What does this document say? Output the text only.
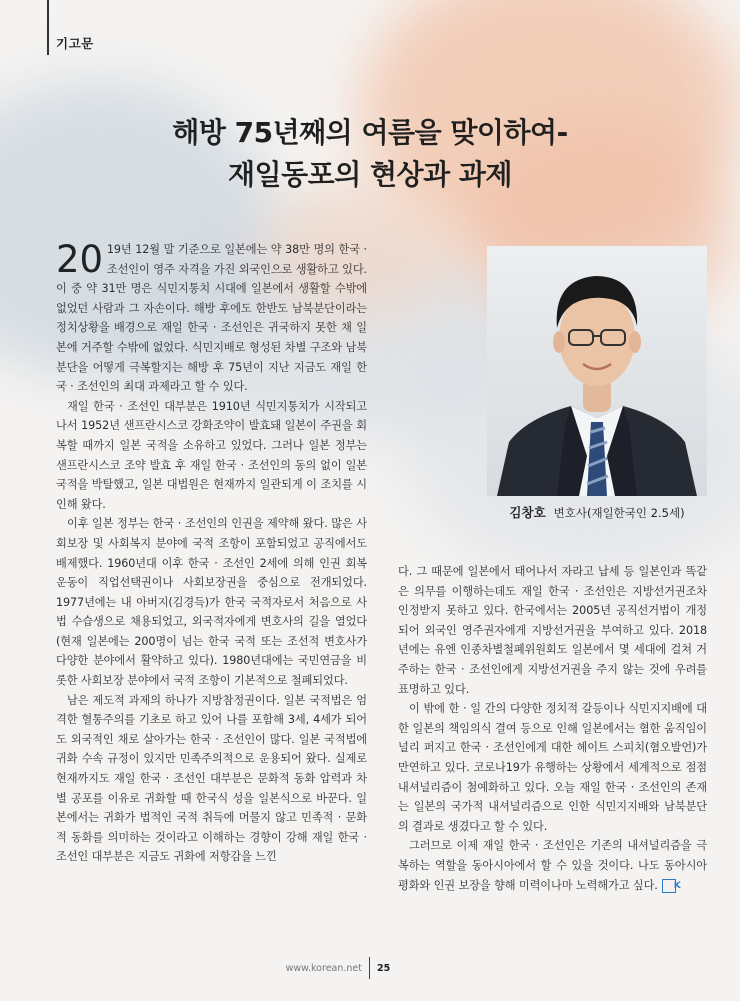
기고문
해방 75년째의 여름을 맞이하여-
재일동포의 현상과 과제

20 19년 12월 말 기준으로 일본에는 약 38만 명의 한국 · 조선인이 영주 자격을 가진 외국인으로 생활하고 있다. 이 중 약 31만 명은 식민지통치 시대에 일본에서 생활할 수밖에 없었던 사람과 그 자손이다. 해방 후에도 한반도 남북분단이라는 정치상황을 배경으로 재일 한국 · 조선인은 귀국하지 못한 채 일본에 거주할 수밖에 없었다. 식민지배로 형성된 차별 구조와 남북분단을 어떻게 극복할지는 해방 후 75년이 지난 지금도 재일 한국 · 조선인의 최대 과제라고 할 수 있다.

재일 한국 · 조선인 대부분은 1910년 식민지통치가 시작되고 나서 1952년 샌프란시스코 강화조약이 발효돼 일본이 주권을 회복할 때까지 일본 국적을 소유하고 있었다. 그러나 일본 정부는 샌프란시스코 조약 발효 후 재일 한국 · 조선인의 동의 없이 일본 국적을 박탈했고, 일본 대법원은 현재까지 일관되게 이 조치를 시인해 왔다.

이후 일본 정부는 한국 · 조선인의 인권을 제약해 왔다. 많은 사회보장 및 사회복지 분야에 국적 조항이 포함되었고 공직에서도 배제했다. 1960년대 이후 한국 · 조선인 2세에 의해 인권 회복 운동이 직업선택권이나 사회보장권을 중심으로 전개되었다. 1977년에는 내 아버지(김경득)가 한국 국적자로서 처음으로 사법 수습생으로 채용되었고, 외국적자에게 변호사의 길을 열었다(현재 일본에는 200명이 넘는 한국 국적 또는 조선적 변호사가 다양한 분야에서 활약하고 있다). 1980년대에는 국민연금을 비롯한 사회보장 분야에서 국적 조항이 기본적으로 철폐되었다.

남은 제도적 과제의 하나가 지방참정권이다. 일본 국적법은 엄격한 혈통주의를 기초로 하고 있어 나를 포함해 3세, 4세가 되어도 외국적인 채로 살아가는 한국 · 조선인이 많다. 일본 국적법에 귀화 수속 규정이 있지만 민족주의적으로 운용되어 왔다. 실제로 현재까지도 재일 한국 · 조선인 대부분은 문화적 동화 압력과 차별 공포를 이유로 귀화할 때 한국식 성을 일본식으로 바꾼다. 일본에서는 귀화가 법적인 국적 취득에 머물지 않고 민족적 · 문화적 동화를 의미하는 것이라고 이해하는 경향이 강해 재일 한국 · 조선인 대부분은 지금도 귀화에 저항감을 느낀

김창호 변호사(재일한국인 2.5세)

다. 그 때문에 일본에서 태어나서 자라고 납세 등 일본인과 똑같은 의무를 이행하는데도 재일 한국 · 조선인은 지방선거권조차 인정받지 못하고 있다. 한국에서는 2005년 공직선거법이 개정되어 외국인 영주권자에게 지방선거권을 부여하고 있다. 2018년에는 유엔 인종차별철폐위원회도 일본에서 몇 세대에 걸쳐 거주하는 한국 · 조선인에게 지방선거권을 주지 않는 것에 우려를 표명하고 있다.

이 밖에 한 · 일 간의 다양한 정치적 갈등이나 식민지지배에 대한 일본의 책임의식 결여 등으로 인해 일본에서는 혐한 움직임이 널리 퍼지고 한국 · 조선인에게 대한 헤이트 스피치(혐오발언)가 만연하고 있다. 코로나19가 유행하는 상황에서 세계적으로 점점 내셔널리즘이 첨예화하고 있다. 오늘 재일 한국 · 조선인의 존재는 일본의 국가적 내셔널리즘으로 인한 식민지지배와 남북분단의 결과로 생겼다고 할 수 있다.

그러므로 이제 재일 한국 · 조선인은 기존의 내셔널리즘을 극복하는 역할을 동아시아에서 할 수 있을 것이다. 나도 동아시아 평화와 인권 보장을 향해 미력이나마 노력해가고 싶다. K

www.korean.net 25
